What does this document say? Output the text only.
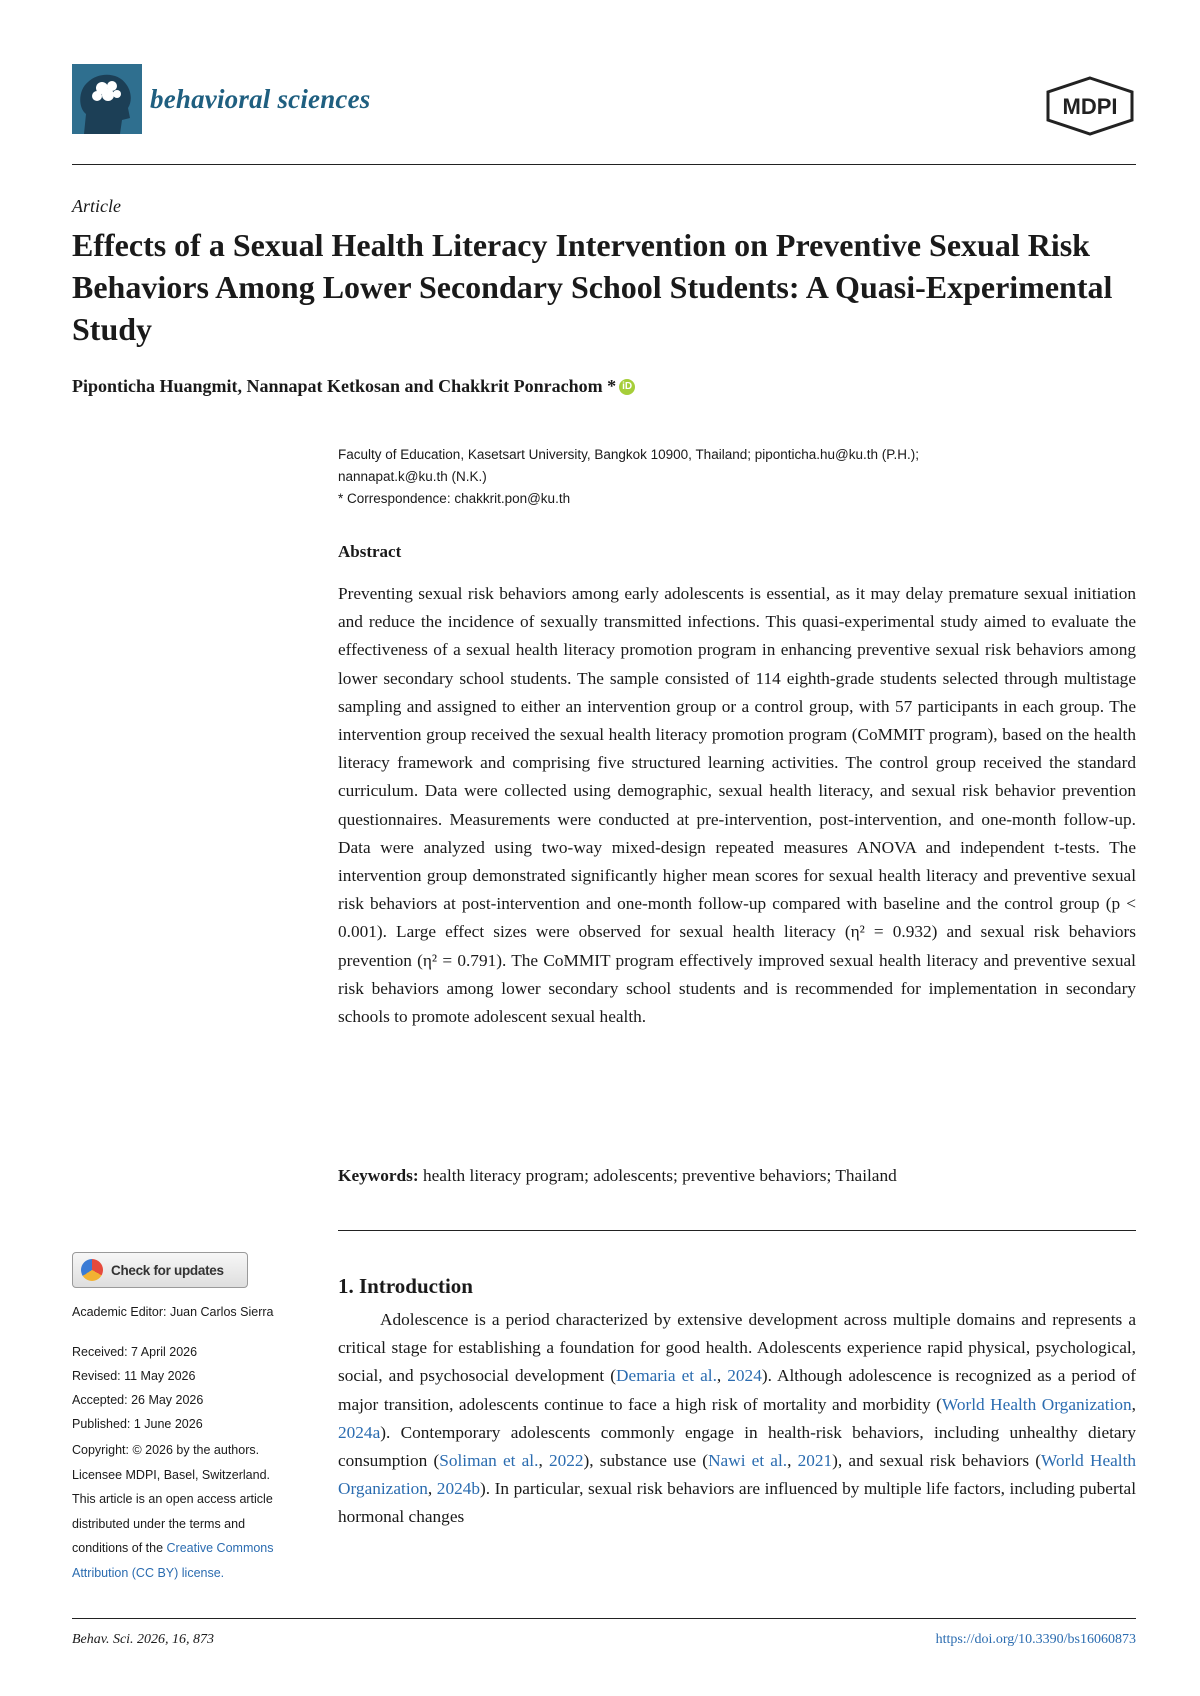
behavioral sciences	MDPI
Article
Effects of a Sexual Health Literacy Intervention on Preventive Sexual Risk Behaviors Among Lower Secondary School Students: A Quasi-Experimental Study
Piponticha Huangmit, Nannapat Ketkosan and Chakkrit Ponrachom * iD
Faculty of Education, Kasetsart University, Bangkok 10900, Thailand; piponticha.hu@ku.th (P.H.);
nannapat.k@ku.th (N.K.)
* Correspondence: chakkrit.pon@ku.th
Abstract

Preventing sexual risk behaviors among early adolescents is essential, as it may delay premature sexual initiation and reduce the incidence of sexually transmitted infections. This quasi-experimental study aimed to evaluate the effectiveness of a sexual health literacy promotion program in enhancing preventive sexual risk behaviors among lower secondary school students. The sample consisted of 114 eighth-grade students selected through multistage sampling and assigned to either an intervention group or a control group, with 57 participants in each group. The intervention group received the sexual health literacy promotion program (CoMMIT program), based on the health literacy framework and comprising five structured learning activities. The control group received the standard curriculum. Data were collected using demographic, sexual health literacy, and sexual risk behavior prevention questionnaires. Measurements were conducted at pre-intervention, post-intervention, and one-month follow-up. Data were analyzed using two-way mixed-design repeated measures ANOVA and independent t-tests. The intervention group demonstrated significantly higher mean scores for sexual health literacy and preventive sexual risk behaviors at post-intervention and one-month follow-up compared with baseline and the control group (p < 0.001). Large effect sizes were observed for sexual health literacy (η² = 0.932) and sexual risk behaviors prevention (η² = 0.791). The CoMMIT program effectively improved sexual health literacy and preventive sexual risk behaviors among lower secondary school students and is recommended for implementation in secondary schools to promote adolescent sexual health.

Keywords: health literacy program; adolescents; preventive behaviors; Thailand
Check for updates
Academic Editor: Juan Carlos Sierra
Received: 7 April 2026
Revised: 11 May 2026
Accepted: 26 May 2026
Published: 1 June 2026
Copyright: © 2026 by the authors.
Licensee MDPI, Basel, Switzerland.
This article is an open access article
distributed under the terms and
conditions of the Creative Commons
Attribution (CC BY) license.
1. Introduction

Adolescence is a period characterized by extensive development across multiple domains and represents a critical stage for establishing a foundation for good health. Adolescents experience rapid physical, psychological, social, and psychosocial development (Demaria et al., 2024). Although adolescence is recognized as a period of major transition, adolescents continue to face a high risk of mortality and morbidity (World Health Organization, 2024a). Contemporary adolescents commonly engage in health-risk behaviors, including unhealthy dietary consumption (Soliman et al., 2022), substance use (Nawi et al., 2021), and sexual risk behaviors (World Health Organization, 2024b). In particular, sexual risk behaviors are influenced by multiple life factors, including pubertal hormonal changes

Behav. Sci. 2026, 16, 873	https://doi.org/10.3390/bs16060873
